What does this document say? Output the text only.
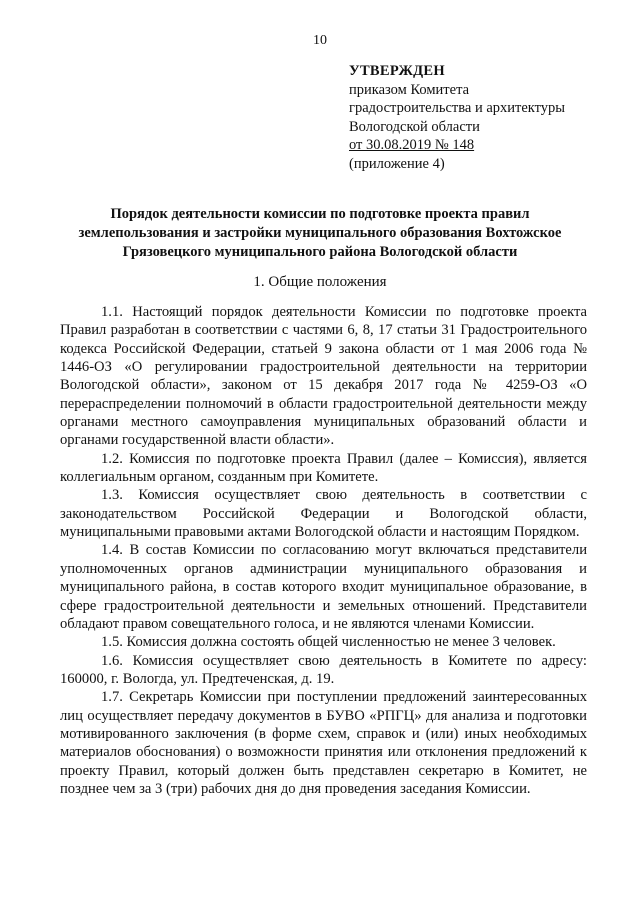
10
УТВЕРЖДЕН
приказом Комитета
градостроительства и архитектуры
Вологодской области
от 30.08.2019 № 148
(приложение 4)
Порядок деятельности комиссии по подготовке проекта правил
землепользования и застройки муниципального образования Вохтожское
Грязовецкого муниципального района Вологодской области
1. Общие положения

1.1. Настоящий порядок деятельности Комиссии по подготовке проекта Правил разработан в соответствии с частями 6, 8, 17 статьи 31 Градостроительного кодекса Российской Федерации, статьей 9 закона области от 1 мая 2006 года № 1446-ОЗ «О регулировании градостроительной деятельности на территории Вологодской области», законом от 15 декабря 2017 года № 4259-ОЗ «О перераспределении полномочий в области градостроительной деятельности между органами местного самоуправления муниципальных образований области и органами государственной власти области».

1.2. Комиссия по подготовке проекта Правил (далее – Комиссия), является коллегиальным органом, созданным при Комитете.

1.3. Комиссия осуществляет свою деятельность в соответствии с законодательством Российской Федерации и Вологодской области, муниципальными правовыми актами Вологодской области и настоящим Порядком.

1.4. В состав Комиссии по согласованию могут включаться представители уполномоченных органов администрации муниципального образования и муниципального района, в состав которого входит муниципальное образование, в сфере градостроительной деятельности и земельных отношений. Представители обладают правом совещательного голоса, и не являются членами Комиссии.

1.5. Комиссия должна состоять общей численностью не менее 3 человек.

1.6. Комиссия осуществляет свою деятельность в Комитете по адресу: 160000, г. Вологда, ул. Предтеченская, д. 19.

1.7. Секретарь Комиссии при поступлении предложений заинтересованных лиц осуществляет передачу документов в БУВО «РПГЦ» для анализа и подготовки мотивированного заключения (в форме схем, справок и (или) иных необходимых материалов обоснования) о возможности принятия или отклонения предложений к проекту Правил, который должен быть представлен секретарю в Комитет, не позднее чем за 3 (три) рабочих дня до дня проведения заседания Комиссии.
